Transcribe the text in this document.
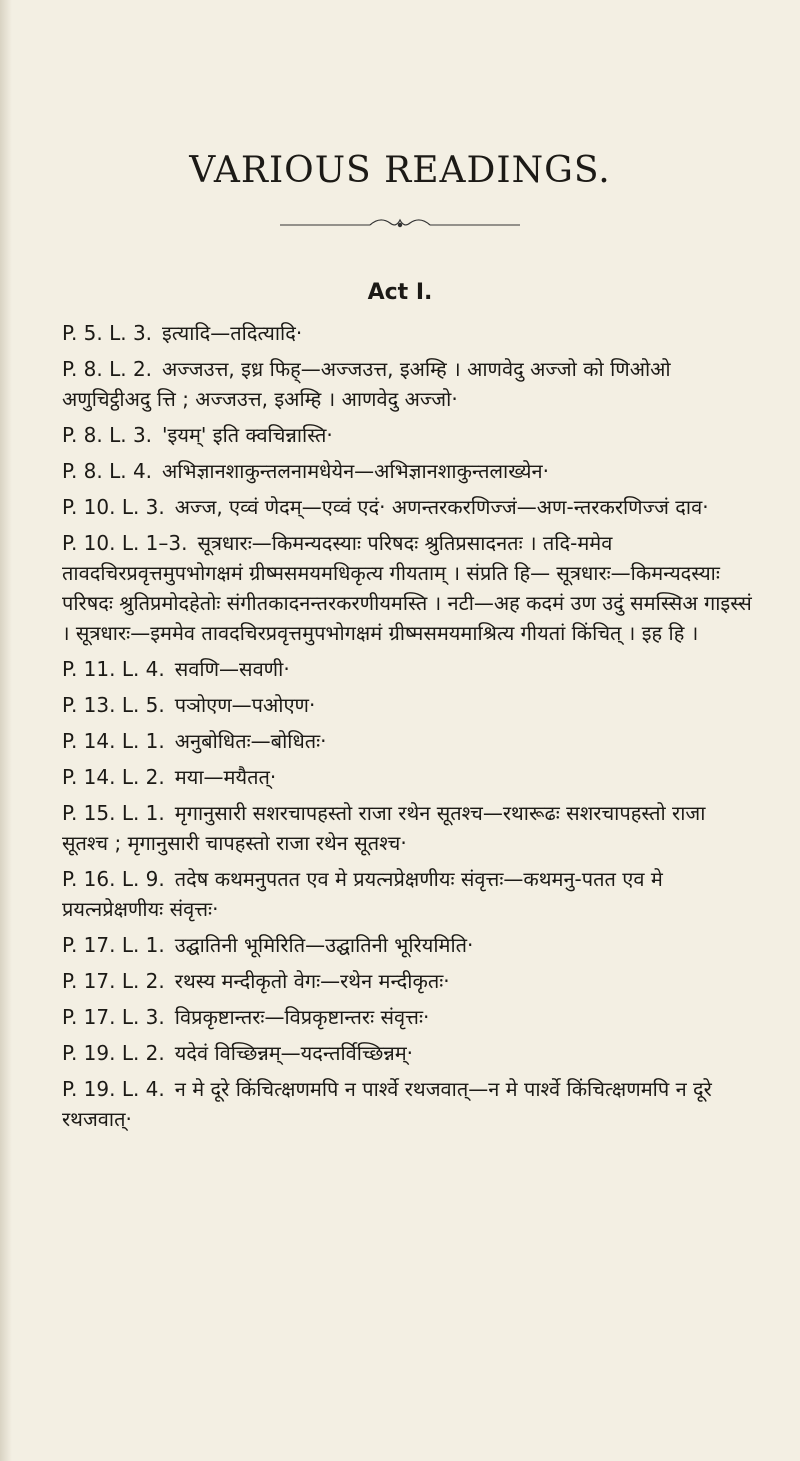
VARIOUS READINGS.
Act I.
P. 5. L. 3. इत्यादि—तदित्यादि·
P. 8. L. 2. अज्जउत्त, इध्र फिह्—अज्जउत्त, इअम्हि । आणवेदु अज्जो को णिओओ अणुचिट्ठीअदु त्ति ; अज्जउत्त, इअम्हि । आणवेदु अज्जो·
P. 8. L. 3. 'इयम्' इति क्वचिन्नास्ति·
P. 8. L. 4. अभिज्ञानशाकुन्तलनामधेयेन—अभिज्ञानशाकुन्तलाख्येन·
P. 10. L. 3. अज्ज, एव्वं णेदम्—एव्वं एदं· अणन्तरकरणिज्जं—अण-न्तरकरणिज्जं दाव·
P. 10. L. 1–3. सूत्रधारः—किमन्यदस्याः परिषदः श्रुतिप्रसादनतः । तदि-ममेव तावदचिरप्रवृत्तमुपभोगक्षमं ग्रीष्मसमयमधिकृत्य गीयताम् । संप्रति हि— सूत्रधारः—किमन्यदस्याः परिषदः श्रुतिप्रमोदहेतोः संगीतकादनन्तरकरणीयमस्ति । नटी—अह कदमं उण उदुं समस्सिअ गाइस्सं । सूत्रधारः—इममेव तावदचिरप्रवृत्तमुपभोगक्षमं ग्रीष्मसमयमाश्रित्य गीयतां किंचित् । इह हि ।
P. 11. L. 4. सवणि—सवणी·
P. 13. L. 5. पञोएण—पओएण·
P. 14. L. 1. अनुबोधितः—बोधितः·
P. 14. L. 2. मया—मयैतत्·
P. 15. L. 1. मृगानुसारी सशरचापहस्तो राजा रथेन सूतश्च—रथारूढः सशरचापहस्तो राजा सूतश्च ; मृगानुसारी चापहस्तो राजा रथेन सूतश्च·
P. 16. L. 9. तदेष कथमनुपतत एव मे प्रयत्नप्रेक्षणीयः संवृत्तः—कथमनु-पतत एव मे प्रयत्नप्रेक्षणीयः संवृत्तः·
P. 17. L. 1. उद्घातिनी भूमिरिति—उद्घातिनी भूरियमिति·
P. 17. L. 2. रथस्य मन्दीकृतो वेगः—रथेन मन्दीकृतः·
P. 17. L. 3. विप्रकृष्टान्तरः—विप्रकृष्टान्तरः संवृत्तः·
P. 19. L. 2. यदेवं विच्छिन्नम्—यदन्तर्विच्छिन्नम्·
P. 19. L. 4. न मे दूरे किंचित्क्षणमपि न पार्श्वे रथजवात्—न मे पार्श्वे किंचित्क्षणमपि न दूरे रथजवात्·
